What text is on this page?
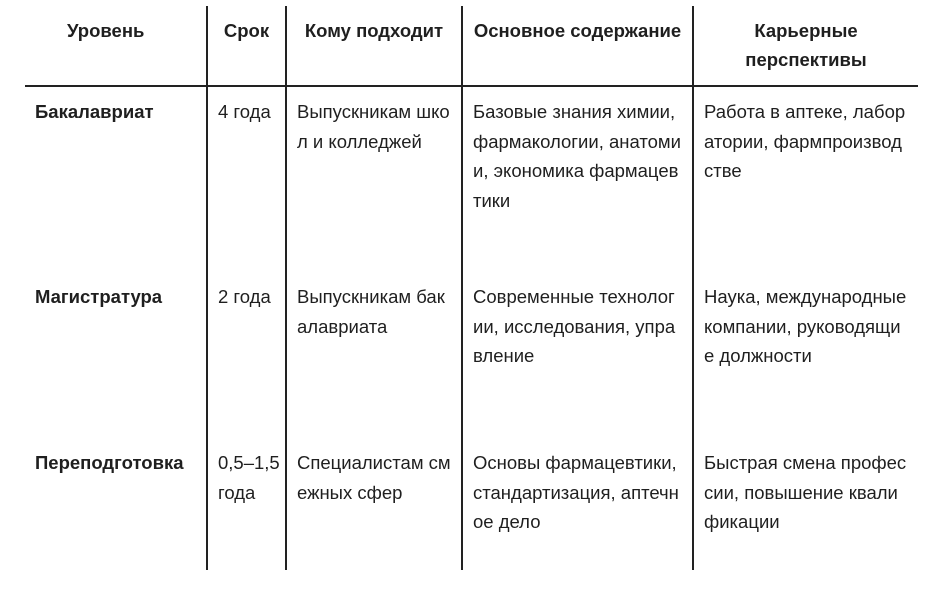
Уровень	Срок	Кому подходит	Основное содержание	Карьерные перспективы
Бакалавриат	4 года	Выпускникам школ и колледжей	Базовые знания химии, фармакологии, анатомии, экономика фармацевтики	Работа в аптеке, лаборатории, фармпроизводстве
Магистратура	2 года	Выпускникам бакалавриата	Современные технологии, исследования, управление	Наука, международные компании, руководящие должности
Переподготовка	0,5–1,5 года	Специалистам смежных сфер	Основы фармацевтики, стандартизация, аптечное дело	Быстрая смена профессии, повышение квалификации
